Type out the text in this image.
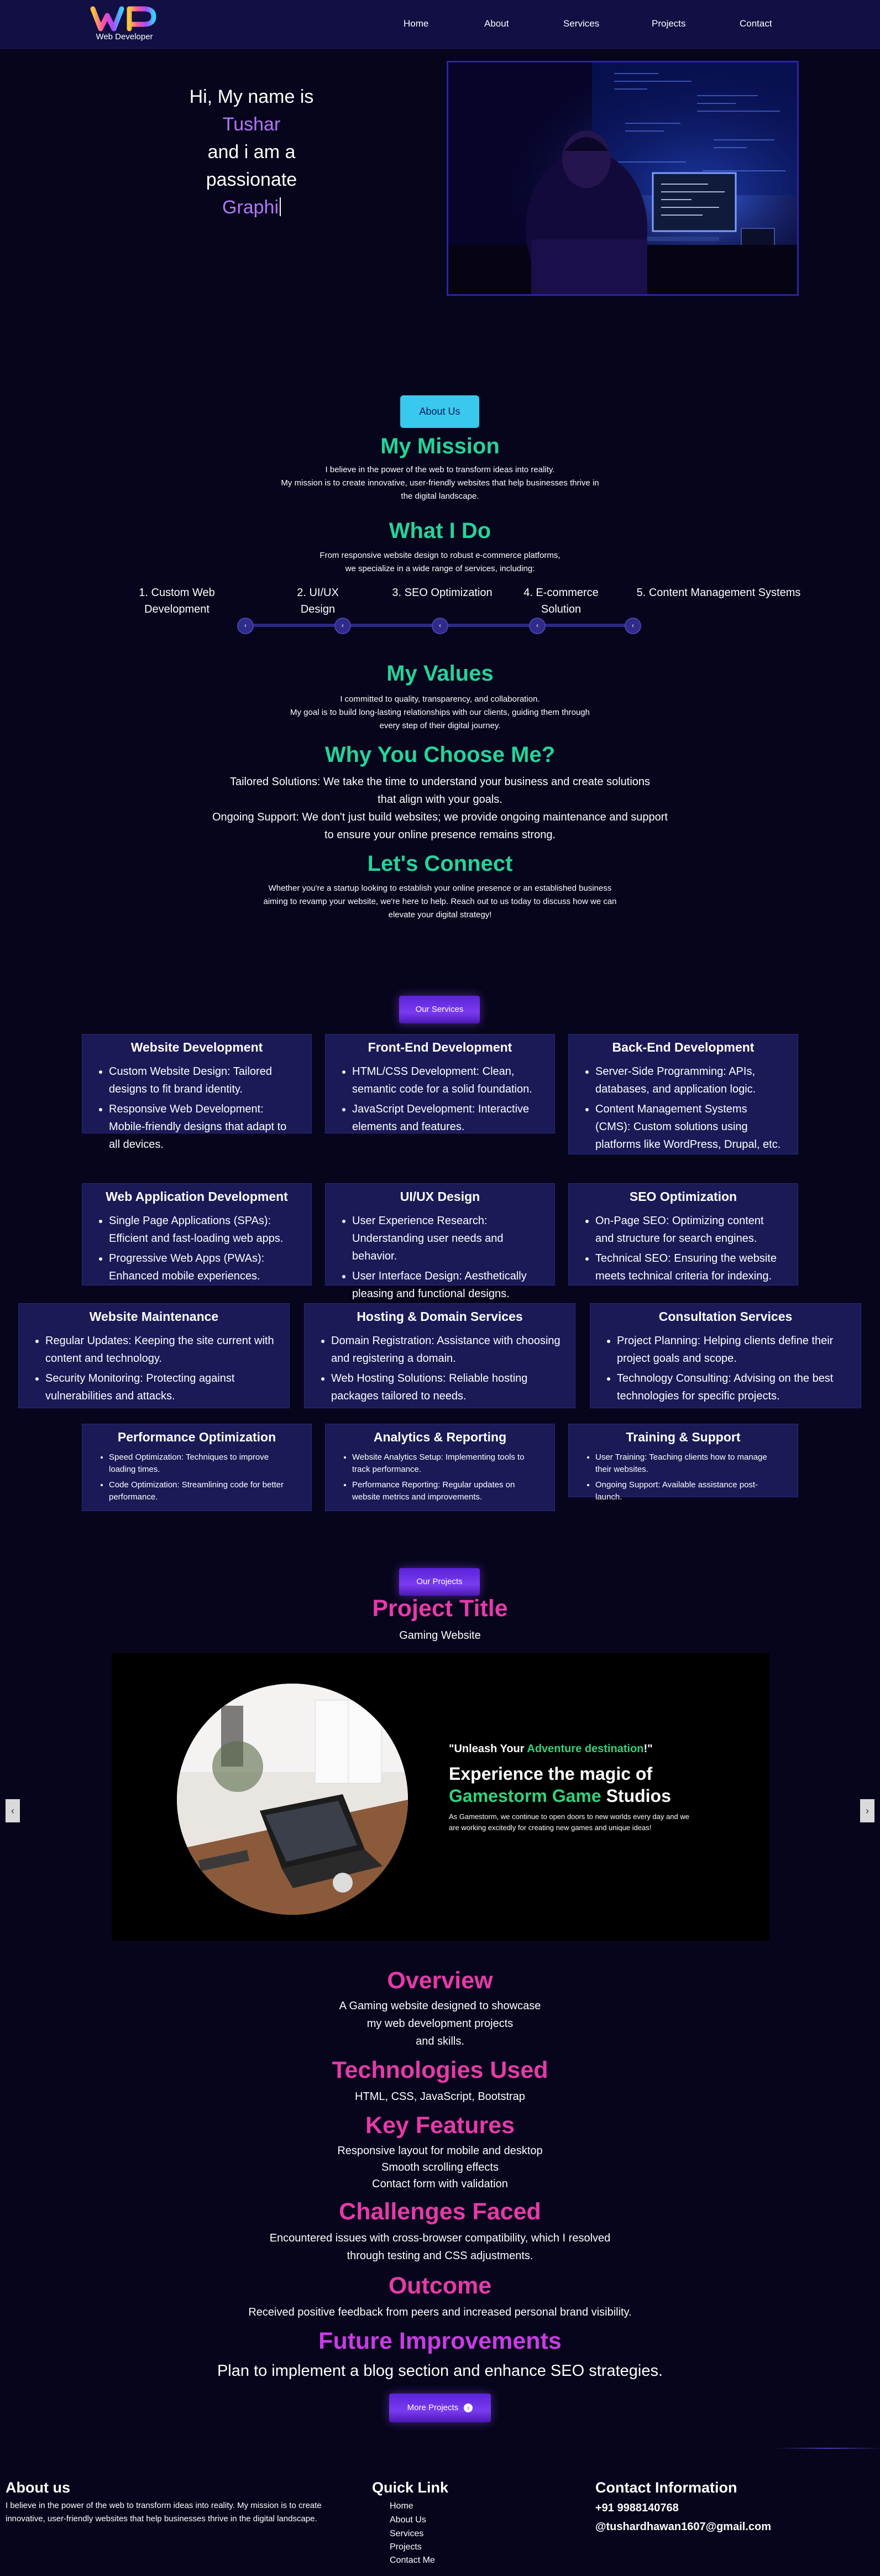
Web Developer
Home	About	Services	Projects	Contact
Hi, My name is Tushar
and i am a passionate
Graphi
About Us
My Mission
I believe in the power of the web to transform ideas into reality.
My mission is to create innovative, user-friendly websites that help businesses thrive in
the digital landscape.
What I Do
From responsive website design to robust e-commerce platforms,
we specialize in a wide range of services, including:
1. Custom Web
Development
2. UI/UX
Design
3. SEO Optimization	4. E-commerce
Solution
5. Content Management Systems
‹	‹	‹	‹	‹
My Values
I committed to quality, transparency, and collaboration.
My goal is to build long-lasting relationships with our clients, guiding them through
every step of their digital journey.
Why You Choose Me?
Tailored Solutions: We take the time to understand your business and create solutions
that align with your goals.
Ongoing Support: We don't just build websites; we provide ongoing maintenance and support
to ensure your online presence remains strong.
Let's Connect
Whether you're a startup looking to establish your online presence or an established business
aiming to revamp your website, we're here to help. Reach out to us today to discuss how we can
elevate your digital strategy!
Our Services
Website Development
• Custom Website Design: Tailored designs to fit brand identity.
• Responsive Web Development: Mobile-friendly designs that adapt to all devices.
Front-End Development
• HTML/CSS Development: Clean, semantic code for a solid foundation.
• JavaScript Development: Interactive elements and features.
Back-End Development
• Server-Side Programming: APIs, databases, and application logic.
• Content Management Systems (CMS): Custom solutions using platforms like WordPress, Drupal, etc.
Web Application Development
• Single Page Applications (SPAs): Efficient and fast-loading web apps.
• Progressive Web Apps (PWAs): Enhanced mobile experiences.
UI/UX Design
• User Experience Research: Understanding user needs and behavior.
• User Interface Design: Aesthetically pleasing and functional designs.
SEO Optimization
• On-Page SEO: Optimizing content and structure for search engines.
• Technical SEO: Ensuring the website meets technical criteria for indexing.
Website Maintenance
• Regular Updates: Keeping the site current with content and technology.
• Security Monitoring: Protecting against vulnerabilities and attacks.
Hosting & Domain Services
• Domain Registration: Assistance with choosing and registering a domain.
• Web Hosting Solutions: Reliable hosting packages tailored to needs.
Consultation Services
• Project Planning: Helping clients define their project goals and scope.
• Technology Consulting: Advising on the best technologies for specific projects.
Performance Optimization
• Speed Optimization: Techniques to improve loading times.
• Code Optimization: Streamlining code for better performance.
Analytics & Reporting
• Website Analytics Setup: Implementing tools to track performance.
• Performance Reporting: Regular updates on website metrics and improvements.
Training & Support
• User Training: Teaching clients how to manage their websites.
• Ongoing Support: Available assistance post-launch.
Our Projects
Project Title
Gaming Website
"Unleash Your Adventure destination!"
Experience the magic of
Gamestorm Game Studios
As Gamestorm, we continue to open doors to new worlds every day and we
are working excitedly for creating new games and unique ideas!
‹	›
Overview
A Gaming website designed to showcase
my web development projects
and skills.
Technologies Used
HTML, CSS, JavaScript, Bootstrap
Key Features
Responsive layout for mobile and desktop
Smooth scrolling effects
Contact form with validation
Challenges Faced
Encountered issues with cross-browser compatibility, which I resolved
through testing and CSS adjustments.
Outcome
Received positive feedback from peers and increased personal brand visibility.
Future Improvements
Plan to implement a blog section and enhance SEO strategies.
More Projects ›
About us
I believe in the power of the web to transform ideas into reality. My mission is to create
innovative, user-friendly websites that help businesses thrive in the digital landscape.
Quick Link
Home
About Us
Services
Projects
Contact Me
Contact Information
+91 9988140768
@tushardhawan1607@gmail.com
